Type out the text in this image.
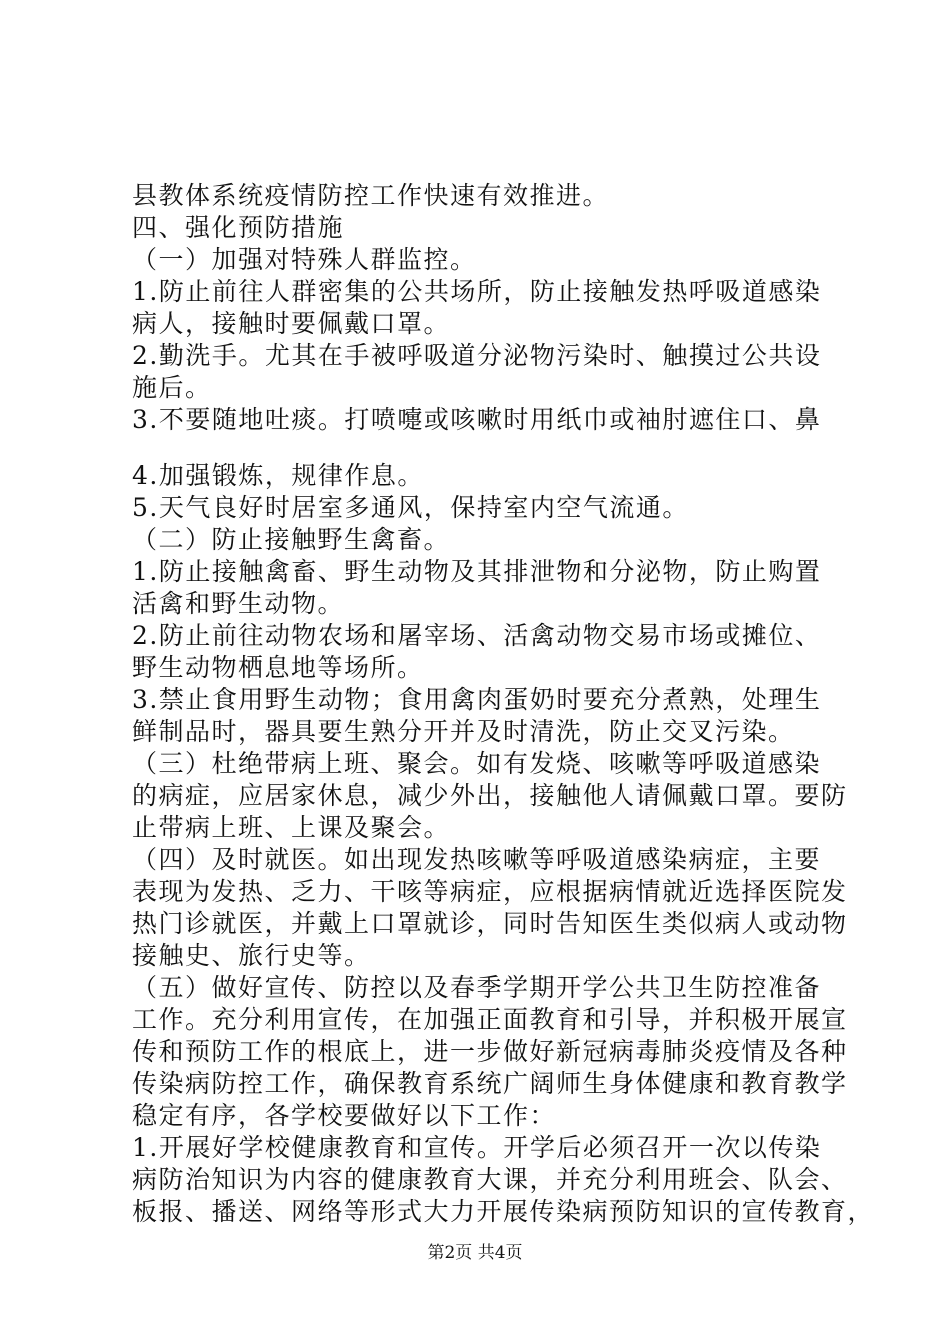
县教体系统疫情防控工作快速有效推进。
四、强化预防措施
（一）加强对特殊人群监控。
1.防止前往人群密集的公共场所，防止接触发热呼吸道感染
病人，接触时要佩戴口罩。
2.勤洗手。尤其在手被呼吸道分泌物污染时、触摸过公共设
施后。
3.不要随地吐痰。打喷嚏或咳嗽时用纸巾或袖肘遮住口、鼻
4.加强锻炼，规律作息。
5.天气良好时居室多通风，保持室内空气流通。
（二）防止接触野生禽畜。
1.防止接触禽畜、野生动物及其排泄物和分泌物，防止购置
活禽和野生动物。
2.防止前往动物农场和屠宰场、活禽动物交易市场或摊位、
野生动物栖息地等场所。
3.禁止食用野生动物；食用禽肉蛋奶时要充分煮熟，处理生
鲜制品时，器具要生熟分开并及时清洗，防止交叉污染。
（三）杜绝带病上班、聚会。如有发烧、咳嗽等呼吸道感染
的病症，应居家休息，减少外出，接触他人请佩戴口罩。要防
止带病上班、上课及聚会。
（四）及时就医。如出现发热咳嗽等呼吸道感染病症，主要
表现为发热、乏力、干咳等病症，应根据病情就近选择医院发
热门诊就医，并戴上口罩就诊，同时告知医生类似病人或动物
接触史、旅行史等。
（五）做好宣传、防控以及春季学期开学公共卫生防控准备
工作。充分利用宣传，在加强正面教育和引导，并积极开展宣
传和预防工作的根底上，进一步做好新冠病毒肺炎疫情及各种
传染病防控工作，确保教育系统广阔师生身体健康和教育教学
稳定有序，各学校要做好以下工作：
1.开展好学校健康教育和宣传。开学后必须召开一次以传染
病防治知识为内容的健康教育大课，并充分利用班会、队会、
板报、播送、网络等形式大力开展传染病预防知识的宣传教育，
第2页 共4页
